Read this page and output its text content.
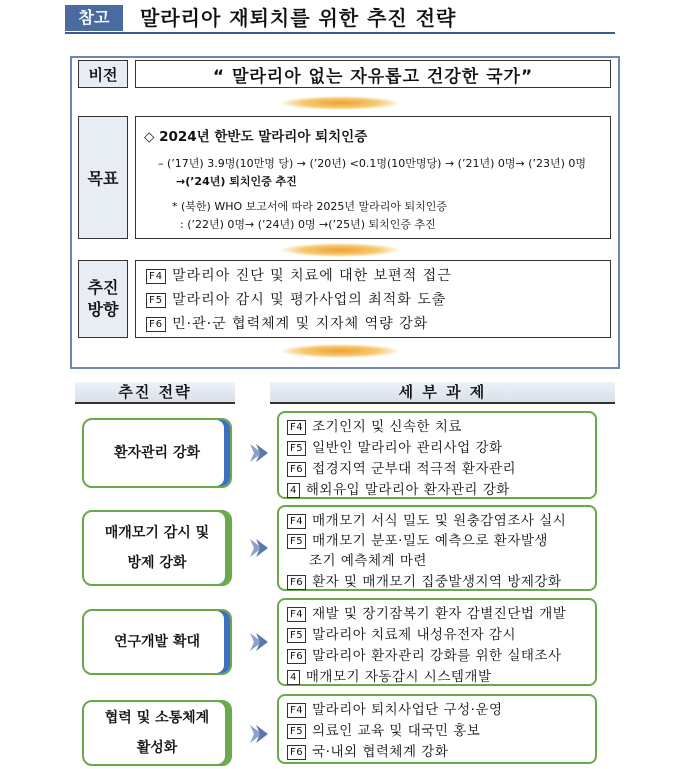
참고	말라리아 재퇴치를 위한 추진 전략
비전	“ 말라리아 없는 자유롭고 건강한 국가”
목표
◇ 2024년 한반도 말라리아 퇴치인증
– (’17년) 3.9명(10만명 당) → (’20년) <0.1명(10만명당) → (’21년) 0명→ (’23년) 0명
→(’24년) 퇴치인증 추진
* (북한) WHO 보고서에 따라 2025년 말라리아 퇴치인증
: (’22년) 0명→ (’24년) 0명 →(’25년) 퇴치인증 추진
추진
방향
F4 말라리아 진단 및 치료에 대한 보편적 접근
F5 말라리아 감시 및 평가사업의 최적화 도출
F6 민·관·군 협력체계 및 지자체 역량 강화
추진 전략	세 부 과 제
환자관리 강화
F4 조기인지 및 신속한 치료
F5 일반인 말라리아 관리사업 강화
F6 접경지역 군부대 적극적 환자관리
4 해외유입 말라리아 환자관리 강화
매개모기 감시 및
방제 강화
F4 매개모기 서식 밀도 및 원충감염조사 실시
F5 매개모기 분포·밀도 예측으로 환자발생
조기 예측체계 마련
F6 환자 및 매개모기 집중발생지역 방제강화
연구개발 확대
F4 재발 및 장기잠복기 환자 감별진단법 개발
F5 말라리아 치료제 내성유전자 감시
F6 말라리아 환자관리 강화를 위한 실태조사
4 매개모기 자동감시 시스템개발
협력 및 소통체계
활성화
F4 말라리아 퇴치사업단 구성·운영
F5 의료인 교육 및 대국민 홍보
F6 국·내외 협력체계 강화
